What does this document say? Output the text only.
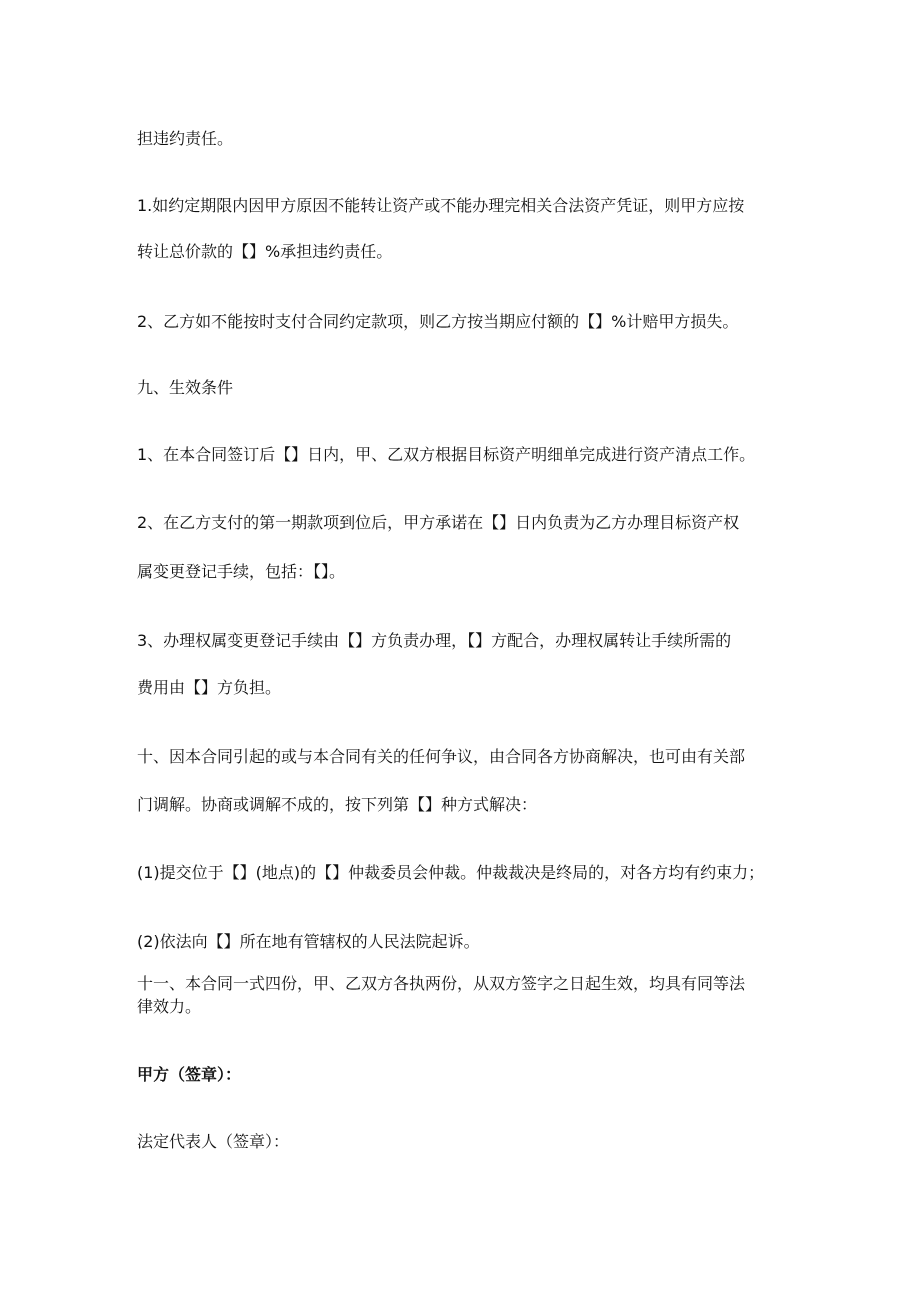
担违约责任。
1.如约定期限内因甲方原因不能转让资产或不能办理完相关合法资产凭证，则甲方应按
转让总价款的【】%承担违约责任。
2、乙方如不能按时支付合同约定款项，则乙方按当期应付额的【】%计赔甲方损失。
九、生效条件
1、在本合同签订后【】日内，甲、乙双方根据目标资产明细单完成进行资产清点工作。
2、在乙方支付的第一期款项到位后，甲方承诺在【】日内负责为乙方办理目标资产权
属变更登记手续，包括：【】。
3、办理权属变更登记手续由【】方负责办理，【】方配合，办理权属转让手续所需的
费用由【】方负担。
十、因本合同引起的或与本合同有关的任何争议，由合同各方协商解决，也可由有关部
门调解。协商或调解不成的，按下列第【】种方式解决：
(1)提交位于【】(地点)的【】仲裁委员会仲裁。仲裁裁决是终局的，对各方均有约束力；
(2)依法向【】所在地有管辖权的人民法院起诉。
十一、本合同一式四份，甲、乙双方各执两份，从双方签字之日起生效，均具有同等法
律效力。
甲方（签章）：
法定代表人（签章）：
